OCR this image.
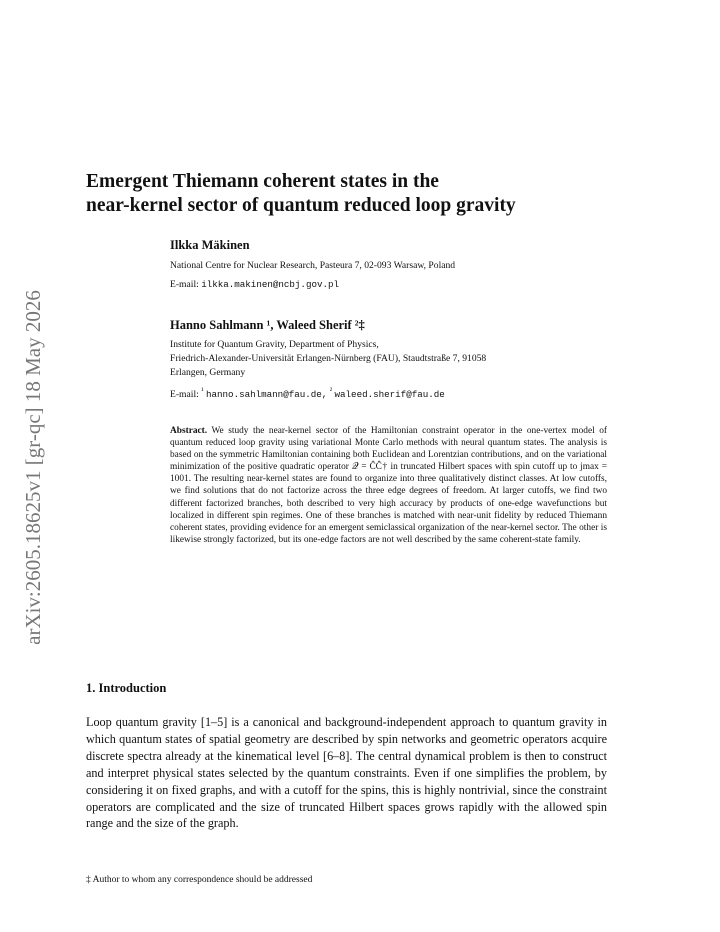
arXiv:2605.18625v1 [gr-qc] 18 May 2026
Emergent Thiemann coherent states in the
near-kernel sector of quantum reduced loop gravity

Ilkka Mäkinen

National Centre for Nuclear Research, Pasteura 7, 02-093 Warsaw, Poland

E-mail: ilkka.makinen@ncbj.gov.pl

Hanno Sahlmann ¹, Waleed Sherif ²‡

Institute for Quantum Gravity, Department of Physics,

Friedrich-Alexander-Universität Erlangen-Nürnberg (FAU), Staudtstraße 7, 91058

Erlangen, Germany

E-mail: $^{^1}$ hanno.sahlmann@fau.de, $^{^2}$ waleed.sherif@fau.de

Abstract. We study the near-kernel sector of the Hamiltonian constraint operator in the one-vertex model of quantum reduced loop gravity using variational Monte Carlo methods with neural quantum states. The analysis is based on the symmetric Hamiltonian containing both Euclidean and Lorentzian contributions, and on the variational minimization of the positive quadratic operator 𝒬 = ĈĈ† in truncated Hilbert spaces with spin cutoff up to jmax = 1001. The resulting near-kernel states are found to organize into three qualitatively distinct classes. At low cutoffs, we find solutions that do not factorize across the three edge degrees of freedom. At larger cutoffs, we find two different factorized branches, both described to very high accuracy by products of one-edge wavefunctions but localized in different spin regimes. One of these branches is matched with near-unit fidelity by reduced Thiemann coherent states, providing evidence for an emergent semiclassical organization of the near-kernel sector. The other is likewise strongly factorized, but its one-edge factors are not well described by the same coherent-state family.

1. Introduction

Loop quantum gravity [1–5] is a canonical and background-independent approach to quantum gravity in which quantum states of spatial geometry are described by spin networks and geometric operators acquire discrete spectra already at the kinematical level [6–8]. The central dynamical problem is then to construct and interpret physical states selected by the quantum constraints. Even if one simplifies the problem, by considering it on fixed graphs, and with a cutoff for the spins, this is highly nontrivial, since the constraint operators are complicated and the size of truncated Hilbert spaces grows rapidly with the allowed spin range and the size of the graph.

‡ Author to whom any correspondence should be addressed
